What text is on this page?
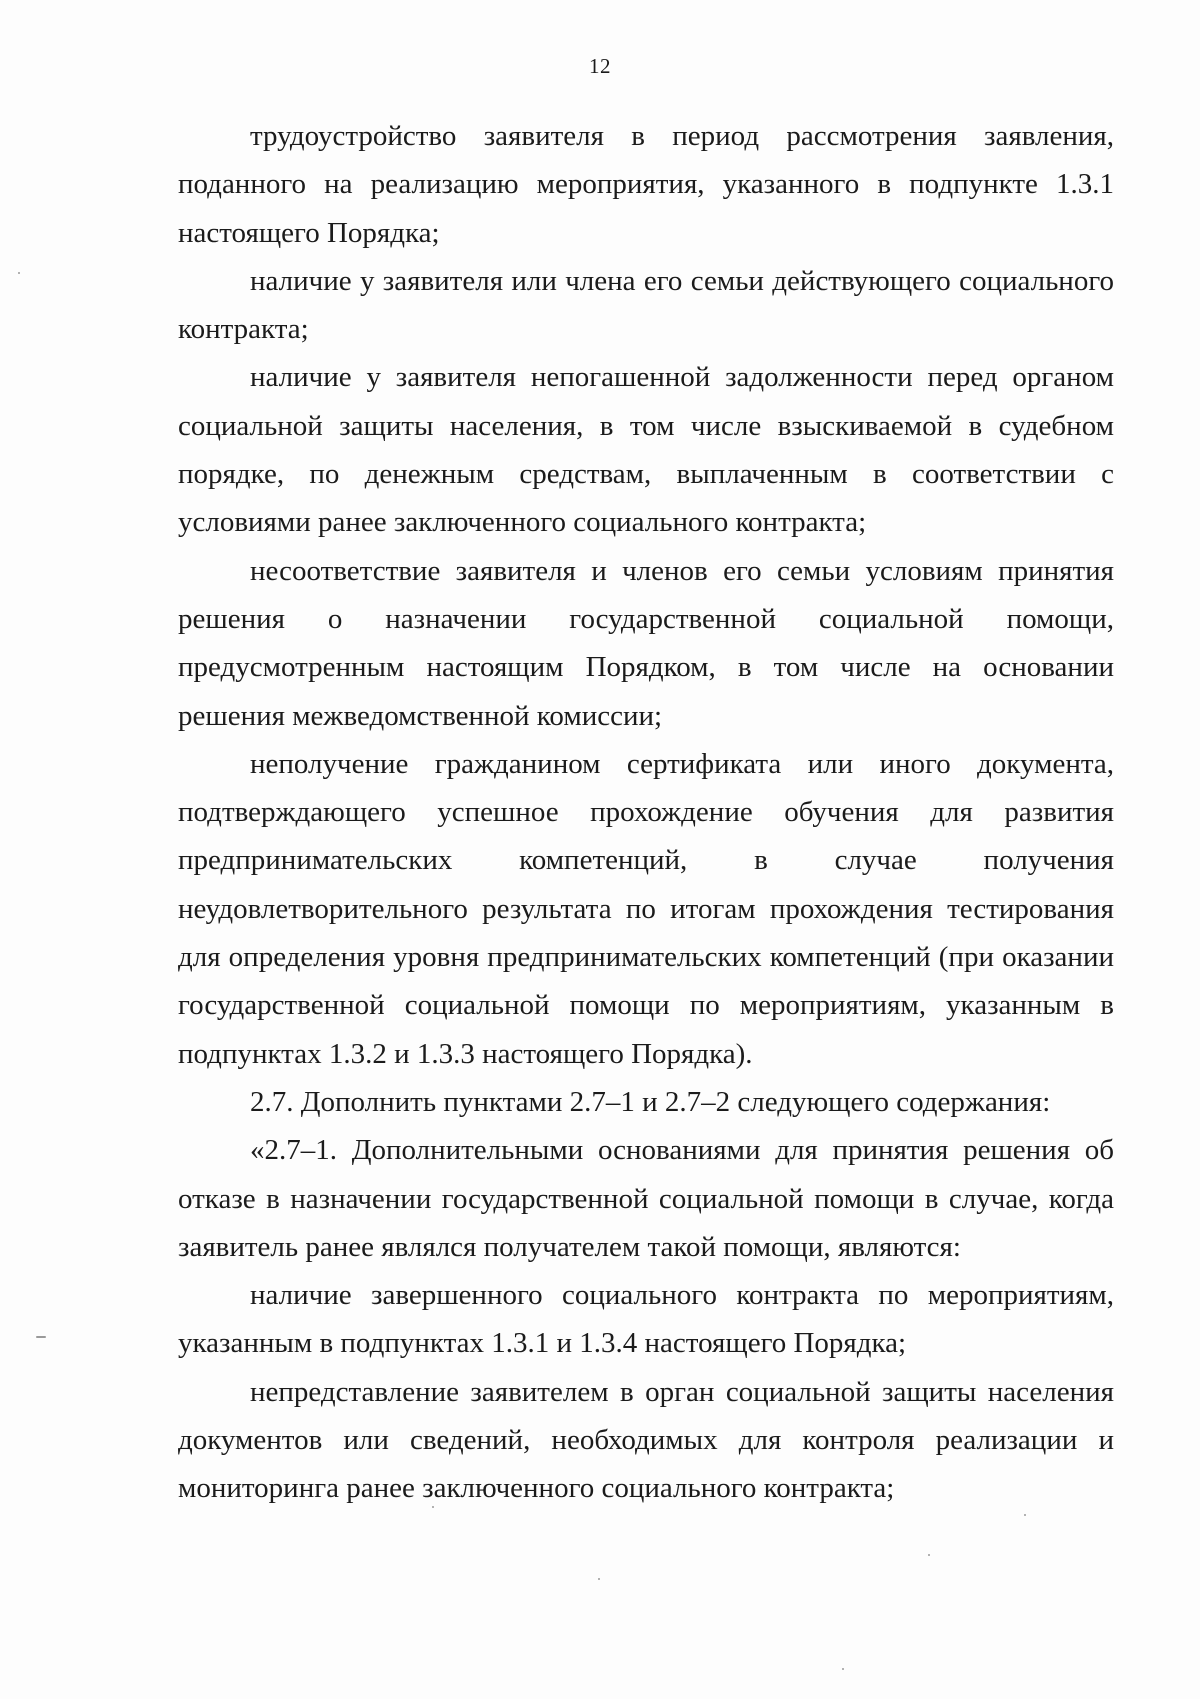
12

трудоустройство заявителя в период рассмотрения заявления, поданного на реализацию мероприятия, указанного в подпункте 1.3.1 настоящего Порядка;

наличие у заявителя или члена его семьи действующего социального контракта;

наличие у заявителя непогашенной задолженности перед органом социальной защиты населения, в том числе взыскиваемой в судебном порядке, по денежным средствам, выплаченным в соответствии с условиями ранее заключенного социального контракта;

несоответствие заявителя и членов его семьи условиям принятия решения о назначении государственной социальной помощи, предусмотренным настоящим Порядком, в том числе на основании решения межведомственной комиссии;

неполучение гражданином сертификата или иного документа, подтверждающего успешное прохождение обучения для развития предпринимательских компетенций, в случае получения неудовлетворительного результата по итогам прохождения тестирования для определения уровня предпринимательских компетенций (при оказании государственной социальной помощи по мероприятиям, указанным в подпунктах 1.3.2 и 1.3.3 настоящего Порядка).

2.7. Дополнить пунктами 2.7–1 и 2.7–2 следующего содержания:

«2.7–1. Дополнительными основаниями для принятия решения об отказе в назначении государственной социальной помощи в случае, когда заявитель ранее являлся получателем такой помощи, являются:

наличие завершенного социального контракта по мероприятиям, указанным в подпунктах 1.3.1 и 1.3.4 настоящего Порядка;

непредставление заявителем в орган социальной защиты населения документов или сведений, необходимых для контроля реализации и мониторинга ранее заключенного социального контракта;
